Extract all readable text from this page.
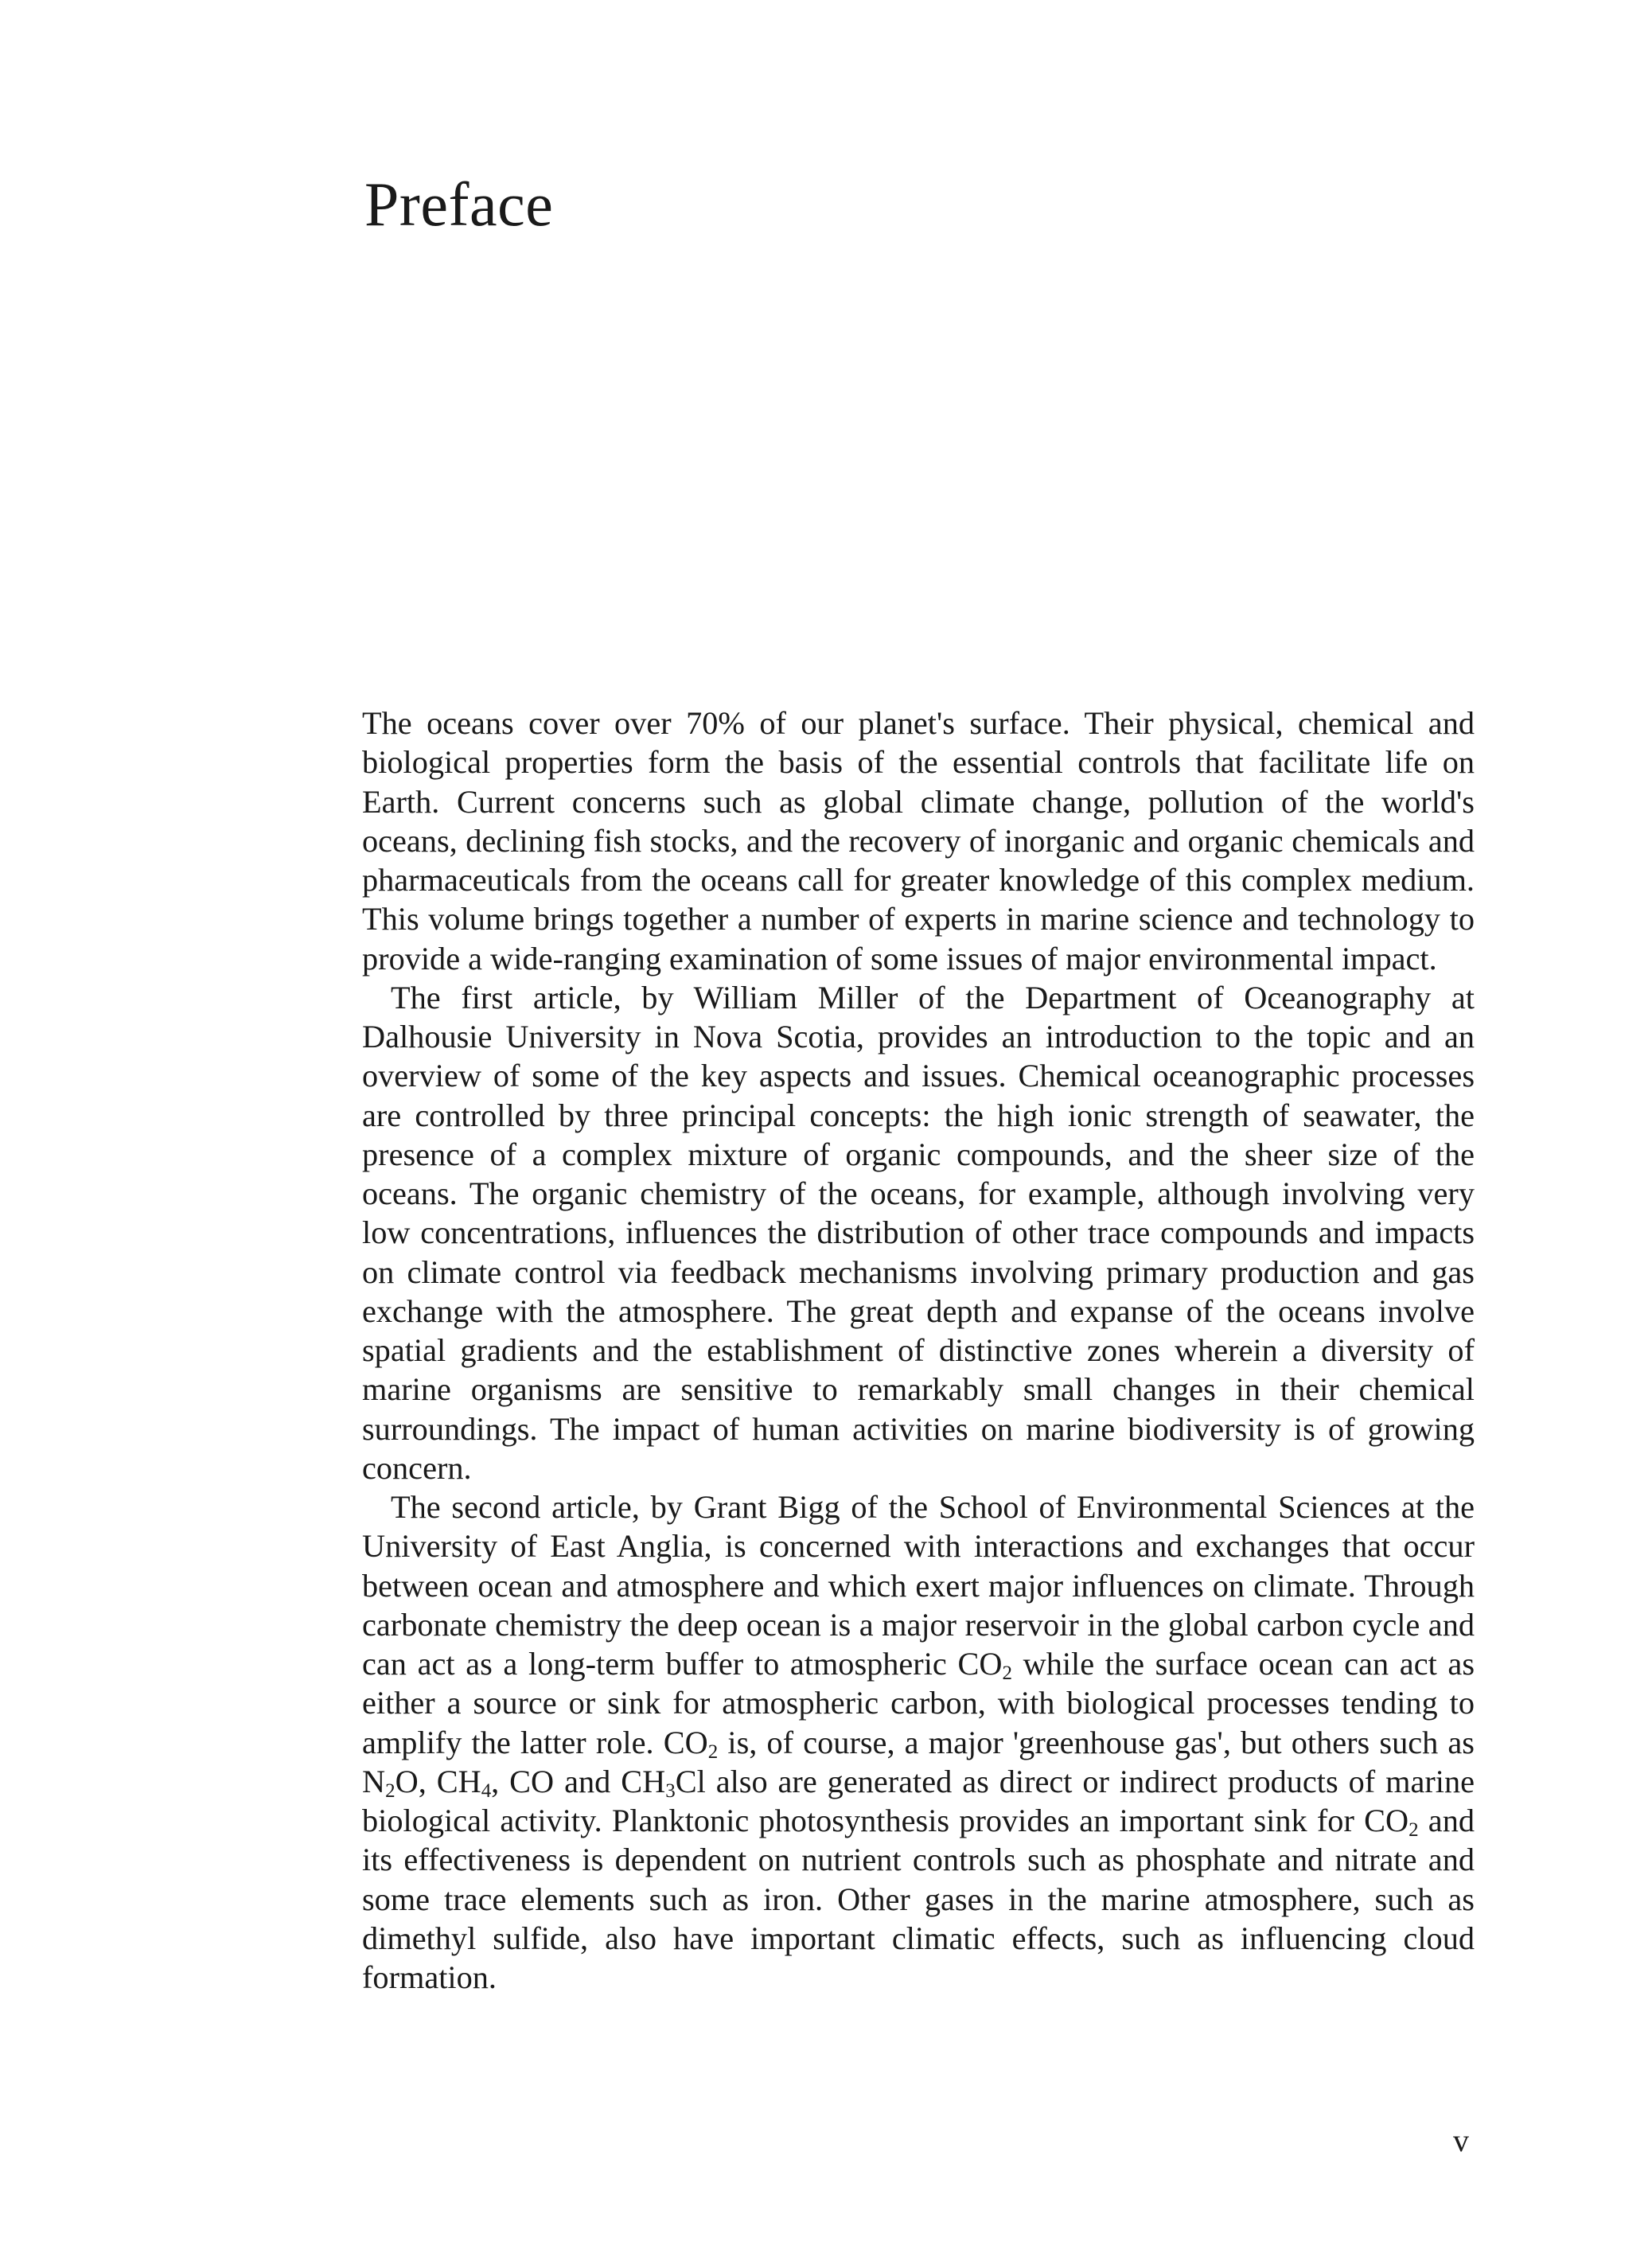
Preface

The oceans cover over 70% of our planet's surface. Their physical, chemical and biological properties form the basis of the essential controls that facilitate life on Earth. Current concerns such as global climate change, pollution of the world's oceans, declining fish stocks, and the recovery of inorganic and organic chemicals and pharmaceuticals from the oceans call for greater knowledge of this complex medium. This volume brings together a number of experts in marine science and technology to provide a wide-ranging examination of some issues of major environmental impact.

The first article, by William Miller of the Department of Oceanography at Dalhousie University in Nova Scotia, provides an introduction to the topic and an overview of some of the key aspects and issues. Chemical oceanographic processes are controlled by three principal concepts: the high ionic strength of seawater, the presence of a complex mixture of organic compounds, and the sheer size of the oceans. The organic chemistry of the oceans, for example, although involving very low concentrations, influences the distribution of other trace compounds and impacts on climate control via feedback mechanisms involving primary production and gas exchange with the atmosphere. The great depth and expanse of the oceans involve spatial gradients and the establishment of distinctive zones wherein a diversity of marine organisms are sensitive to remarkably small changes in their chemical surroundings. The impact of human activities on marine biodiversity is of growing concern.

The second article, by Grant Bigg of the School of Environmental Sciences at the University of East Anglia, is concerned with interactions and exchanges that occur between ocean and atmosphere and which exert major influences on climate. Through carbonate chemistry the deep ocean is a major reservoir in the global carbon cycle and can act as a long-term buffer to atmospheric $CO_2$ while the surface ocean can act as either a source or sink for atmospheric carbon, with biological processes tending to amplify the latter role. $CO_2$ is, of course, a major 'greenhouse gas', but others such as $N_2O$, $CH_4$, CO and $CH_3Cl$ also are generated as direct or indirect products of marine biological activity. Planktonic photosynthesis provides an important sink for $CO_2$ and its effectiveness is dependent on nutrient controls such as phosphate and nitrate and some trace elements such as iron. Other gases in the marine atmosphere, such as dimethyl sulfide, also have important climatic effects, such as influencing cloud formation.

v
